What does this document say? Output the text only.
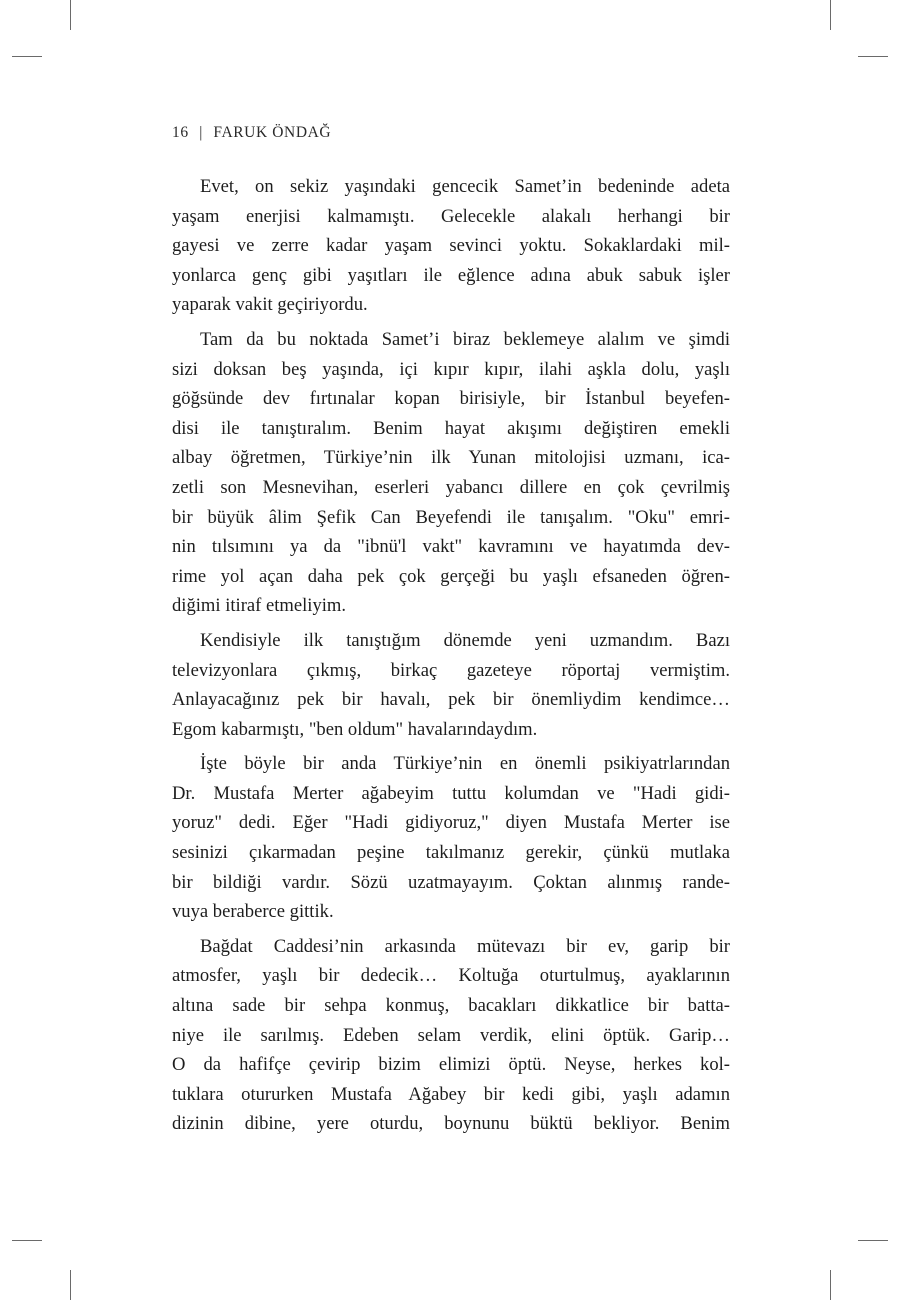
16 | FARUK ÖNDAĞ
Evet, on sekiz yaşındaki gencecik Samet’in bedeninde adeta
yaşam enerjisi kalmamıştı. Gelecekle alakalı herhangi bir
gayesi ve zerre kadar yaşam sevinci yoktu. Sokaklardaki mil-
yonlarca genç gibi yaşıtları ile eğlence adına abuk sabuk işler
yaparak vakit geçiriyordu.
Tam da bu noktada Samet’i biraz beklemeye alalım ve şimdi
sizi doksan beş yaşında, içi kıpır kıpır, ilahi aşkla dolu, yaşlı
göğsünde dev fırtınalar kopan birisiyle, bir İstanbul beyefen-
disi ile tanıştıralım. Benim hayat akışımı değiştiren emekli
albay öğretmen, Türkiye’nin ilk Yunan mitolojisi uzmanı, ica-
zetli son Mesnevihan, eserleri yabancı dillere en çok çevrilmiş
bir büyük âlim Şefik Can Beyefendi ile tanışalım. "Oku" emri-
nin tılsımını ya da "ibnü'l vakt" kavramını ve hayatımda dev-
rime yol açan daha pek çok gerçeği bu yaşlı efsaneden öğren-
diğimi itiraf etmeliyim.
Kendisiyle ilk tanıştığım dönemde yeni uzmandım. Bazı
televizyonlara çıkmış, birkaç gazeteye röportaj vermiştim.
Anlayacağınız pek bir havalı, pek bir önemliydim kendimce…
Egom kabarmıştı, "ben oldum" havalarındaydım.
İşte böyle bir anda Türkiye’nin en önemli psikiyatrlarından
Dr. Mustafa Merter ağabeyim tuttu kolumdan ve "Hadi gidi-
yoruz" dedi. Eğer "Hadi gidiyoruz," diyen Mustafa Merter ise
sesinizi çıkarmadan peşine takılmanız gerekir, çünkü mutlaka
bir bildiği vardır. Sözü uzatmayayım. Çoktan alınmış rande-
vuya beraberce gittik.
Bağdat Caddesi’nin arkasında mütevazı bir ev, garip bir
atmosfer, yaşlı bir dedecik… Koltuğa oturtulmuş, ayaklarının
altına sade bir sehpa konmuş, bacakları dikkatlice bir batta-
niye ile sarılmış. Edeben selam verdik, elini öptük. Garip…
O da hafifçe çevirip bizim elimizi öptü. Neyse, herkes kol-
tuklara otururken Mustafa Ağabey bir kedi gibi, yaşlı adamın
dizinin dibine, yere oturdu, boynunu büktü bekliyor. Benim
